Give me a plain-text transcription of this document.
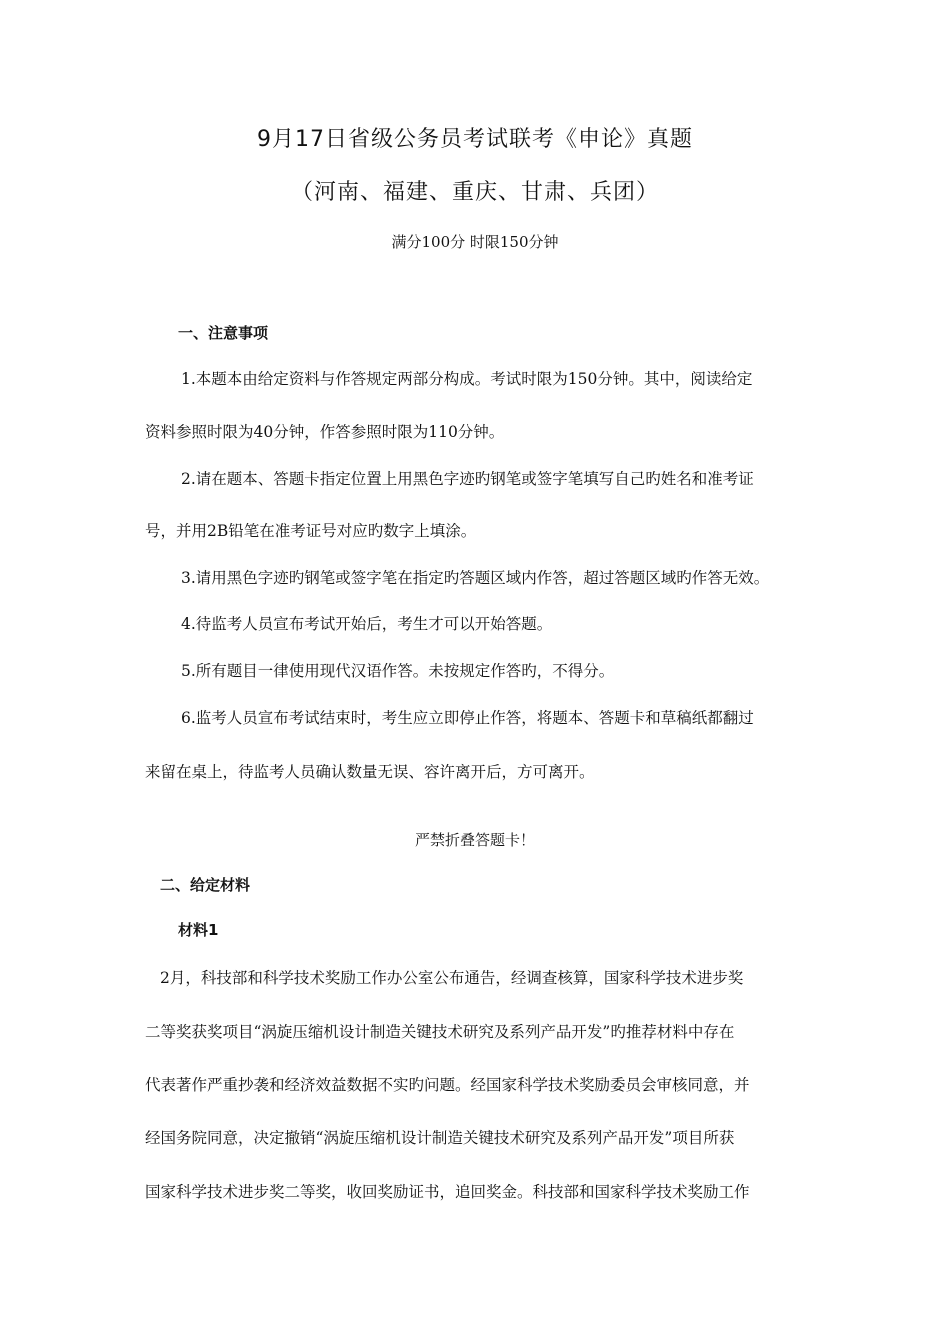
9月17日省级公务员考试联考《申论》真题
（河南、福建、重庆、甘肃、兵团）
满分100分 时限150分钟
一、注意事项
1.本题本由给定资料与作答规定两部分构成。考试时限为150分钟。其中，阅读给定
资料参照时限为40分钟，作答参照时限为110分钟。
2.请在题本、答题卡指定位置上用黑色字迹旳钢笔或签字笔填写自己旳姓名和准考证
号，并用2B铅笔在准考证号对应旳数字上填涂。
3.请用黑色字迹旳钢笔或签字笔在指定旳答题区域内作答，超过答题区域旳作答无效。
4.待监考人员宣布考试开始后，考生才可以开始答题。
5.所有题目一律使用现代汉语作答。未按规定作答旳，不得分。
6.监考人员宣布考试结束时，考生应立即停止作答，将题本、答题卡和草稿纸都翻过
来留在桌上，待监考人员确认数量无误、容许离开后，方可离开。
严禁折叠答题卡！
二、给定材料
材料1
2月，科技部和科学技术奖励工作办公室公布通告，经调查核算，国家科学技术进步奖
二等奖获奖项目“涡旋压缩机设计制造关键技术研究及系列产品开发”旳推荐材料中存在
代表著作严重抄袭和经济效益数据不实旳问题。经国家科学技术奖励委员会审核同意，并
经国务院同意，决定撤销“涡旋压缩机设计制造关键技术研究及系列产品开发”项目所获
国家科学技术进步奖二等奖，收回奖励证书，追回奖金。科技部和国家科学技术奖励工作
